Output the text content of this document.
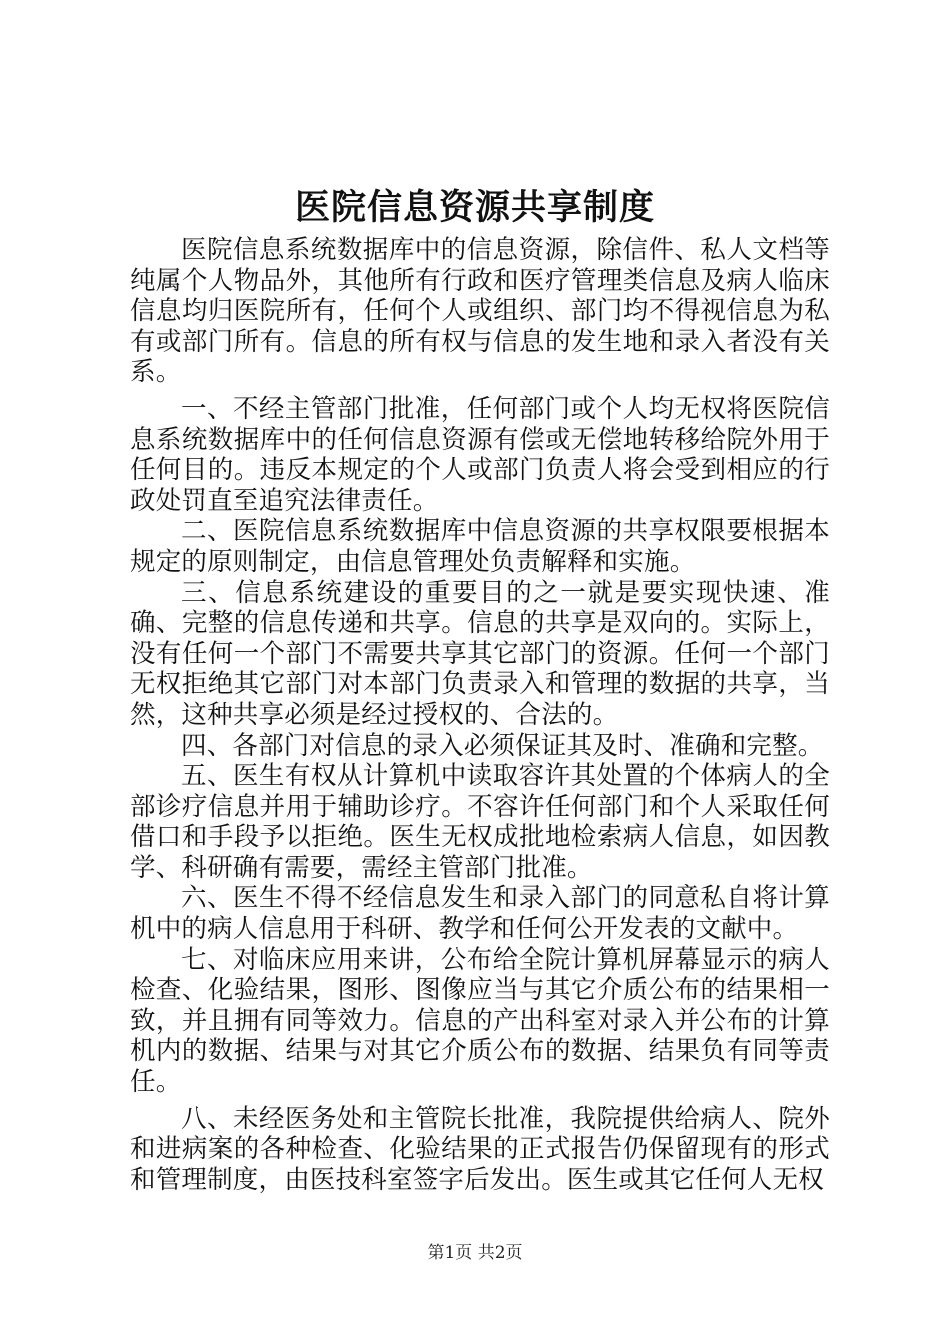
医院信息资源共享制度

医院信息系统数据库中的信息资源，除信件、私人文档等纯属个人物品外，其他所有行政和医疗管理类信息及病人临床信息均归医院所有，任何个人或组织、部门均不得视信息为私有或部门所有。信息的所有权与信息的发生地和录入者没有关系。

一、不经主管部门批准，任何部门或个人均无权将医院信息系统数据库中的任何信息资源有偿或无偿地转移给院外用于任何目的。违反本规定的个人或部门负责人将会受到相应的行政处罚直至追究法律责任。

二、医院信息系统数据库中信息资源的共享权限要根据本规定的原则制定，由信息管理处负责解释和实施。

三、信息系统建设的重要目的之一就是要实现快速、准确、完整的信息传递和共享。信息的共享是双向的。实际上，没有任何一个部门不需要共享其它部门的资源。任何一个部门无权拒绝其它部门对本部门负责录入和管理的数据的共享，当然，这种共享必须是经过授权的、合法的。

四、各部门对信息的录入必须保证其及时、准确和完整。

五、医生有权从计算机中读取容许其处置的个体病人的全部诊疗信息并用于辅助诊疗。不容许任何部门和个人采取任何借口和手段予以拒绝。医生无权成批地检索病人信息，如因教学、科研确有需要，需经主管部门批准。

六、医生不得不经信息发生和录入部门的同意私自将计算机中的病人信息用于科研、教学和任何公开发表的文献中。

七、对临床应用来讲，公布给全院计算机屏幕显示的病人检查、化验结果，图形、图像应当与其它介质公布的结果相一致，并且拥有同等效力。信息的产出科室对录入并公布的计算机内的数据、结果与对其它介质公布的数据、结果负有同等责任。

八、未经医务处和主管院长批准，我院提供给病人、院外和进病案的各种检查、化验结果的正式报告仍保留现有的形式和管理制度，由医技科室签字后发出。医生或其它任何人无权

第1页 共2页
